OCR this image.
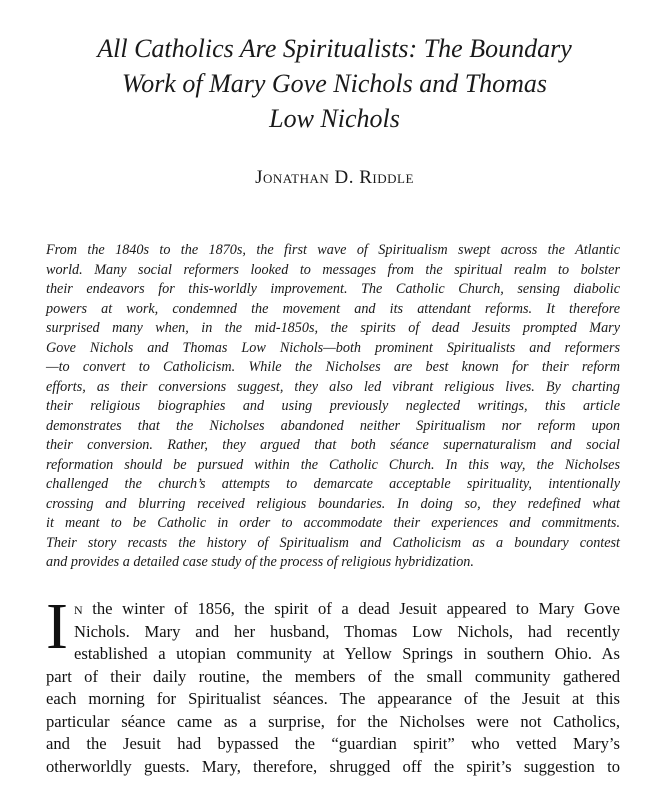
All Catholics Are Spiritualists: The Boundary
Work of Mary Gove Nichols and Thomas
Low Nichols
Jonathan D. Riddle
From the 1840s to the 1870s, the first wave of Spiritualism swept across the Atlantic
world. Many social reformers looked to messages from the spiritual realm to bolster
their endeavors for this-worldly improvement. The Catholic Church, sensing diabolic
powers at work, condemned the movement and its attendant reforms. It therefore
surprised many when, in the mid-1850s, the spirits of dead Jesuits prompted Mary
Gove Nichols and Thomas Low Nichols—both prominent Spiritualists and reformers
—to convert to Catholicism. While the Nicholses are best known for their reform
efforts, as their conversions suggest, they also led vibrant religious lives. By charting
their religious biographies and using previously neglected writings, this article
demonstrates that the Nicholses abandoned neither Spiritualism nor reform upon
their conversion. Rather, they argued that both séance supernaturalism and social
reformation should be pursued within the Catholic Church. In this way, the Nicholses
challenged the church’s attempts to demarcate acceptable spirituality, intentionally
crossing and blurring received religious boundaries. In doing so, they redefined what
it meant to be Catholic in order to accommodate their experiences and commitments.
Their story recasts the history of Spiritualism and Catholicism as a boundary contest
and provides a detailed case study of the process of religious hybridization.
I n the winter of 1856, the spirit of a dead Jesuit appeared to Mary Gove
Nichols. Mary and her husband, Thomas Low Nichols, had recently
established a utopian community at Yellow Springs in southern Ohio. As
part of their daily routine, the members of the small community gathered
each morning for Spiritualist séances. The appearance of the Jesuit at this
particular séance came as a surprise, for the Nicholses were not Catholics,
and the Jesuit had bypassed the “guardian spirit” who vetted Mary’s
otherworldly guests. Mary, therefore, shrugged off the spirit’s suggestion to
